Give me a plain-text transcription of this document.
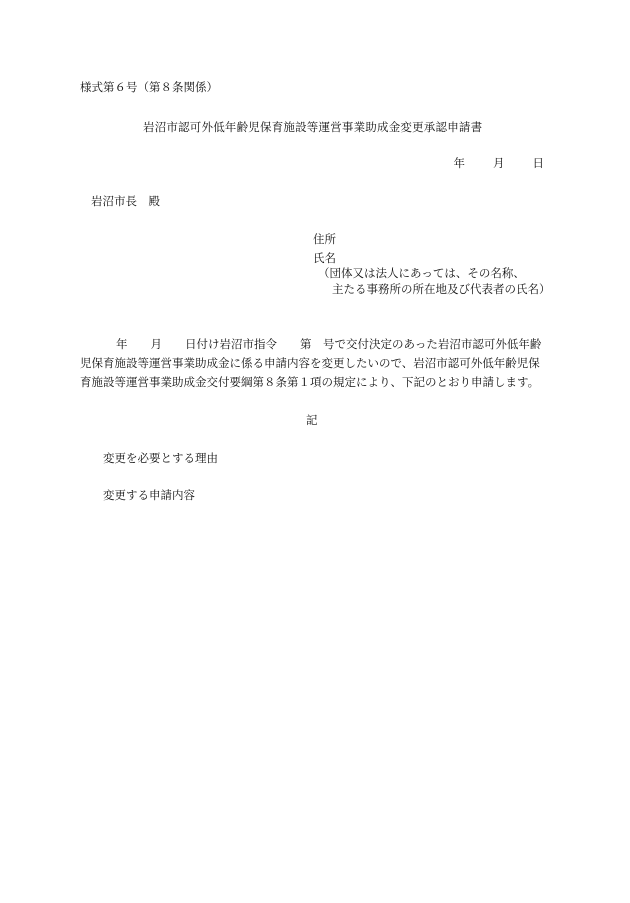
様式第６号（第８条関係）

岩沼市認可外低年齢児保育施設等運営事業助成金変更承認申請書

年 月 日

岩沼市長　殿

住所

氏名

（団体又は法人にあっては、その名称、

主たる事務所の所在地及び代表者の氏名）

年　　月　　日付け岩沼市指令　　第　号で交付決定のあった岩沼市認可外低年齢
児保育施設等運営事業助成金に係る申請内容を変更したいので、岩沼市認可外低年齢児保
育施設等運営事業助成金交付要綱第８条第１項の規定により、下記のとおり申請します。

記

変更を必要とする理由

変更する申請内容
